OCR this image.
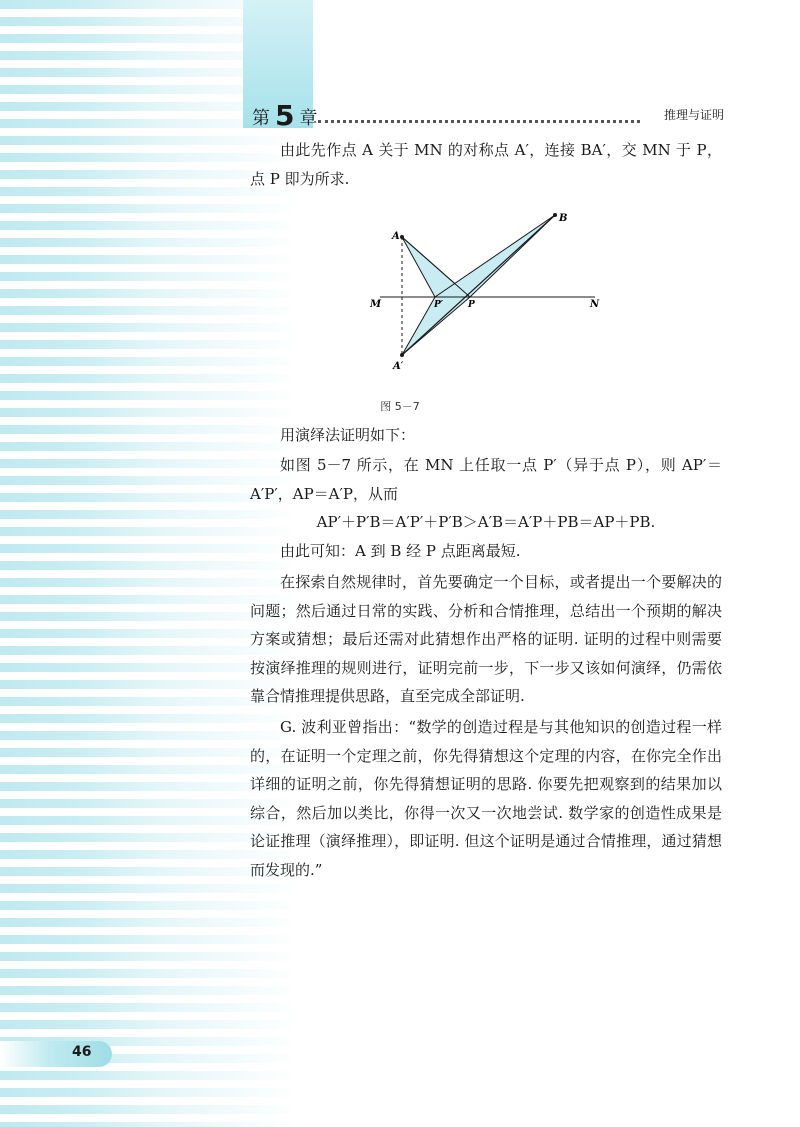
第 5 章	推理与证明

由此先作点 A 关于 MN 的对称点 A′，连接 BA′，交 MN 于 P，点 P 即为所求.

A
B
A′
M	N
P′	P
图 5－7

用演绎法证明如下：

如图 5－7 所示，在 MN 上任取一点 P′（异于点 P），则 AP′＝A′P′，AP＝A′P，从而

AP′＋P′B＝A′P′＋P′B＞A′B＝A′P＋PB＝AP＋PB.

由此可知：A 到 B 经 P 点距离最短.

在探索自然规律时，首先要确定一个目标，或者提出一个要解决的问题；然后通过日常的实践、分析和合情推理，总结出一个预期的解决方案或猜想；最后还需对此猜想作出严格的证明. 证明的过程中则需要按演绎推理的规则进行，证明完前一步，下一步又该如何演绎，仍需依靠合情推理提供思路，直至完成全部证明.

G. 波利亚曾指出：“数学的创造过程是与其他知识的创造过程一样的，在证明一个定理之前，你先得猜想这个定理的内容，在你完全作出详细的证明之前，你先得猜想证明的思路. 你要先把观察到的结果加以综合，然后加以类比，你得一次又一次地尝试. 数学家的创造性成果是论证推理（演绎推理），即证明. 但这个证明是通过合情推理，通过猜想而发现的.”

46
